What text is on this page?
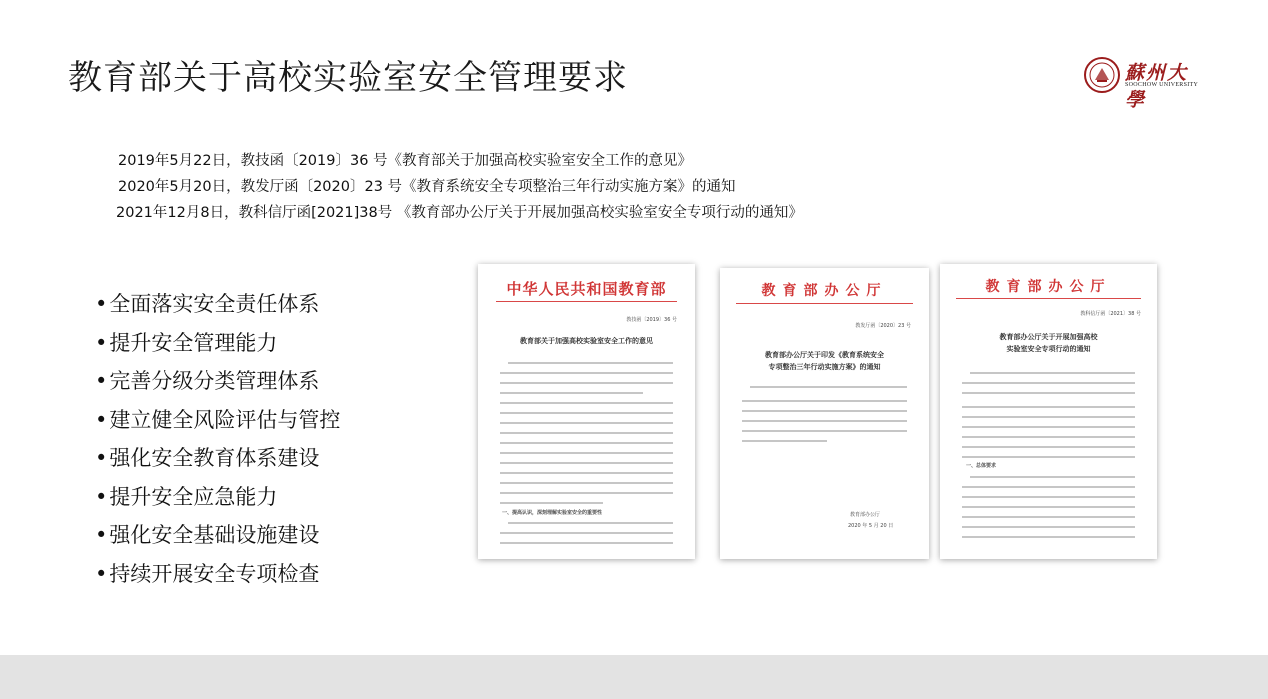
教育部关于高校实验室安全管理要求	蘇州大學
SOOCHOW UNIVERSITY
2019年5月22日，教技函〔2019〕36 号《教育部关于加强高校实验室安全工作的意见》
2020年5月20日，教发厅函〔2020〕23 号《教育系统安全专项整治三年行动实施方案》的通知
2021年12月8日，教科信厅函[2021]38号 《教育部办公厅关于开展加强高校实验室安全专项行动的通知》
• 全面落实安全责任体系
• 提升安全管理能力
• 完善分级分类管理体系
• 建立健全风险评估与管控
• 强化安全教育体系建设
• 提升安全应急能力
• 强化安全基础设施建设
• 持续开展安全专项检查
中华人民共和国教育部
教技函〔2019〕36 号
教育部关于加强高校实验室安全工作的意见
一、提高认识，深刻理解实验室安全的重要性
教育部办公厅
教发厅函〔2020〕23 号
教育部办公厅关于印发《教育系统安全
专项整治三年行动实施方案》的通知
教育部办公厅
2020 年 5 月 20 日
教育部办公厅
教科信厅函〔2021〕38 号
教育部办公厅关于开展加强高校
实验室安全专项行动的通知
一、总体要求
